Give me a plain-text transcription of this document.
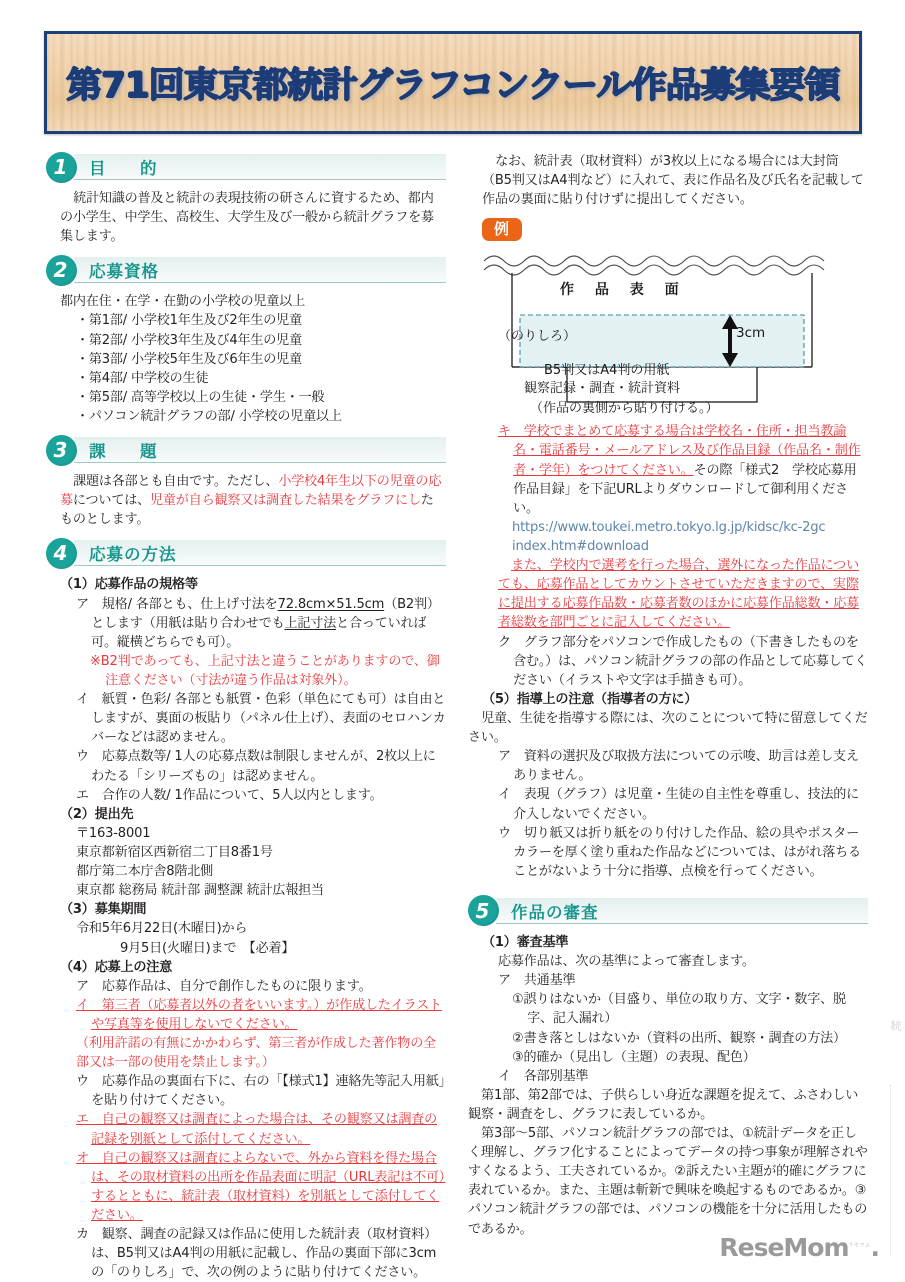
第71回東京都統計グラフコンクール作品募集要領
1	目　的
統計知識の普及と統計の表現技術の研さんに資するため、都内の小学生、中学生、高校生、大学生及び一般から統計グラフを募集します。
2	応募資格
都内在住・在学・在勤の小学校の児童以上
・第1部/ 小学校1年生及び2年生の児童
・第2部/ 小学校3年生及び4年生の児童
・第3部/ 小学校5年生及び6年生の児童
・第4部/ 中学校の生徒
・第5部/ 高等学校以上の生徒・学生・一般
・パソコン統計グラフの部/ 小学校の児童以上
3	課　題
課題は各部とも自由です。ただし、小学校4年生以下の児童の応募については、児童が自ら観察又は調査した結果をグラフにしたものとします。
4	応募の方法
（1）応募作品の規格等
ア　規格/ 各部とも、仕上げ寸法を72.8cm×51.5cm（B2判）とします（用紙は貼り合わせでも上記寸法と合っていれば可。縦横どちらでも可）。
※B2判であっても、上記寸法と違うことがありますので、御注意ください（寸法が違う作品は対象外）。
イ　紙質・色彩/ 各部とも紙質・色彩（単色にても可）は自由としますが、裏面の板貼り（パネル仕上げ）、表面のセロハンカバーなどは認めません。
ウ　応募点数等/ 1人の応募点数は制限しませんが、2枚以上にわたる「シリーズもの」は認めません。
エ　合作の人数/ 1作品について、5人以内とします。
（2）提出先
〒163-8001
東京都新宿区西新宿二丁目8番1号
都庁第二本庁舎8階北側
東京都 総務局 統計部 調整課 統計広報担当
（3）募集期間
令和5年6月22日(木曜日)から
9月5日(火曜日)まで　【必着】
（4）応募上の注意
ア　応募作品は、自分で創作したものに限ります。
イ　第三者（応募者以外の者をいいます。）が作成したイラストや写真等を使用しないでください。
（利用許諾の有無にかかわらず、第三者が作成した著作物の全部又は一部の使用を禁止します。）
ウ　応募作品の裏面右下に、右の「【様式1】連絡先等記入用紙」を貼り付けてください。
エ　自己の観察又は調査によった場合は、その観察又は調査の記録を別紙として添付してください。
オ　自己の観察又は調査によらないで、外から資料を得た場合は、その取材資料の出所を作品表面に明記（URL表記は不可）するとともに、統計表（取材資料）を別紙として添付してください。
カ　観察、調査の記録又は作品に使用した統計表（取材資料）は、B5判又はA4判の用紙に記載し、作品の裏面下部に3cmの「のりしろ」で、次の例のように貼り付けてください。
なお、統計表（取材資料）が3枚以上になる場合には大封筒（B5判又はA4判など）に入れて、表に作品名及び氏名を記載して作品の裏面に貼り付けずに提出してください。
例
作 品 表 面
（のりしろ）	3cm
B5判又はA4判の用紙
観察記録・調査・統計資料
（作品の裏側から貼り付ける。）
キ　学校でまとめて応募する場合は学校名・住所・担当教諭名・電話番号・メールアドレス及び作品目録（作品名・制作者・学年）をつけてください。その際「様式2　学校応募用作品目録」を下記URLよりダウンロードして御利用ください。
https://www.toukei.metro.tokyo.lg.jp/kidsc/kc-2gc
index.htm#download
また、学校内で選考を行った場合、選外になった作品についても、応募作品としてカウントさせていただきますので、実際に提出する応募作品数・応募者数のほかに応募作品総数・応募者総数を部門ごとに記入してください。
ク　グラフ部分をパソコンで作成したもの（下書きしたものを含む。）は、パソコン統計グラフの部の作品として応募してください（イラストや文字は手描きも可）。
（5）指導上の注意（指導者の方に）
児童、生徒を指導する際には、次のことについて特に留意してください。
ア　資料の選択及び取扱方法についての示唆、助言は差し支えありません。
イ　表現（グラフ）は児童・生徒の自主性を尊重し、技法的に介入しないでください。
ウ　切り紙又は折り紙をのり付けした作品、絵の具やポスターカラーを厚く塗り重ねた作品などについては、はがれ落ちることがないよう十分に指導、点検を行ってください。
5	作品の審査
（1）審査基準
応募作品は、次の基準によって審査します。
ア　共通基準
①誤りはないか（目盛り、単位の取り方、文字・数字、脱字、記入漏れ）
②書き落としはないか（資料の出所、観察・調査の方法）
③的確か（見出し（主題）の表現、配色）
イ　各部別基準
第1部、第2部では、子供らしい身近な課題を捉えて、ふさわしい観察・調査をし、グラフに表しているか。
第3部〜5部、パソコン統計グラフの部では、①統計データを正しく理解し、グラフ化することによってデータの持つ事象が理解されやすくなるよう、工夫されているか。②訴えたい主題が的確にグラフに表れているか。また、主題は斬新で興味を喚起するものであるか。③パソコン統計グラフの部では、パソコンの機能を十分に活用したものであるか。
統
ReseMom$^{リセマム}$.
